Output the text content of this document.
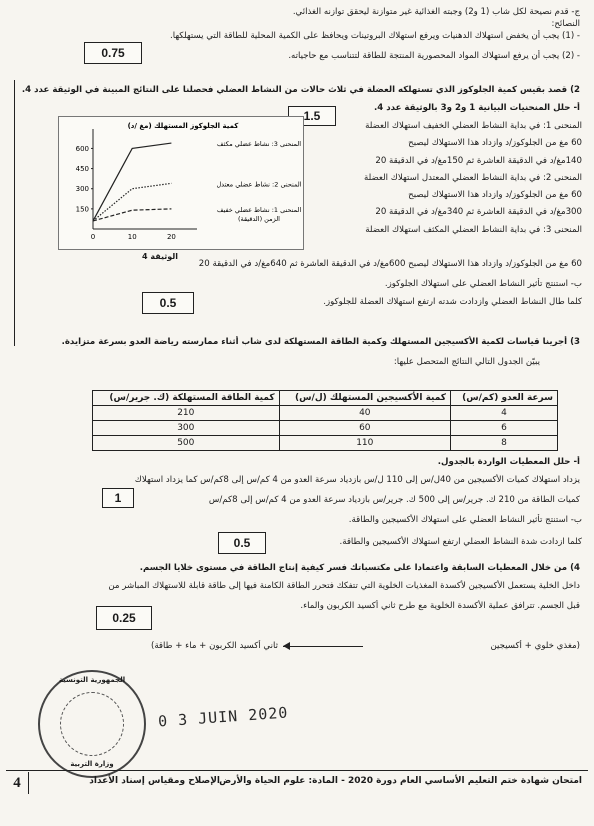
ج- قدم نصيحة لكل شاب (1 و2) وجبته الغذائية غير متوازنة ليحقق توازنه الغذائي.
النصائح:
- (1) يجب أن يخفض استهلاك الدهنيات ويرفع استهلاك البروتينات ويحافظ على الكمية المحلية للطاقة التي يستهلكها.
0.75	- (2) يجب أن يرفع استهلاك المواد المحصورية المنتجة للطاقة لتتناسب مع حاجياته.
2) قصد بقيس كمية الجلوكوز الذي تستهلكه العضلة في ثلاث حالات من النشاط العضلي فحصلنا على النتائج المبينة في الوثيقة عدد 4.
1.5
أ- حلل المنحنيات البيانية 1 و2 و3 بالوثيقة عدد 4.
كمية الجلوكوز المستهلك (مغ /د)
150
300
450
600
0	10	20
الزمن (الدقيقة)
المنحنى 1: نشاط عضلي خفيف
المنحنى 2: نشاط عضلي معتدل
المنحنى 3: نشاط عضلي مكثف
الوثيقة 4
المنحنى 1: في بداية النشاط العضلي الخفيف استهلاك العضلة
60 مغ من الجلوكوز/د وازداد هذا الاستهلاك ليصبح
140مغ/د في الدقيقة العاشرة ثم 150مغ/د في الدقيقة 20
المنحنى 2: في بداية النشاط العضلي المعتدل استهلاك العضلة
60 مغ من الجلوكوز/د وازداد هذا الاستهلاك ليصبح
300مغ/د في الدقيقة العاشرة ثم 340مغ/د في الدقيقة 20
المنحنى 3: في بداية النشاط العضلي المكثف استهلاك العضلة
60 مغ من الجلوكوز/د وازداد هذا الاستهلاك ليصبح 600مغ/د في الدقيقة العاشرة ثم 640مغ/د في الدقيقة 20
ب- استنتج تأثير النشاط العضلي على استهلاك الجلوكوز.
0.5	كلما طال النشاط العضلي وازدادت شدته ارتفع استهلاك العضلة للجلوكوز.
3) أجرينا قياسات لكمية الأكسيجين المستهلك وكمية الطاقة المستهلكة لدى شاب أثناء ممارسته رياضة العدو بسرعة متزايدة.
يبيّن الجدول التالي النتائج المتحصل عليها:
كمية الطاقة المستهلكة (ك. جرير/س)	كمية الأكسيجين المستهلك (ل/س)	سرعة العدو (كم/س)
210	40	4
300	60	6
500	110	8
أ- حلل المعطيات الواردة بالجدول.
يزداد استهلاك كميات الأكسيجين من 40ل/س إلى 110 ل/س بازدياد سرعة العدو من 4 كم/س إلى 8كم/س كما يزداد استهلاك
كميات الطاقة من 210 ك. جرير/س إلى 500 ك. جرير/س بازدياد سرعة العدو من 4 كم/س إلى 8كم/س
1
ب- استنتج تأثير النشاط العضلي على استهلاك الأكسيجين والطاقة.
0.5	كلما ازدادت شدة النشاط العضلي ارتفع استهلاك الأكسيجين والطاقة.
4) من خلال المعطيات السابقة واعتمادا على مكتسباتك فسر كيفية إنتاج الطاقة في مستوى خلايا الجسم.
داخل الخلية يستعمل الأكسيجين لأكسدة المغذيات الخلوية التي تتفكك فتحرر الطاقة الكامنة فيها إلى طاقة قابلة للاستهلاك المباشر من
قبل الجسم. تترافق عملية الأكسدة الخلوية مع طرح ثاني أكسيد الكربون والماء.
0.25
(مغذي خلوي + أكسيجين
ثاني أكسيد الكربون + ماء + طاقة)
الجمهورية التونسية
وزارة التربية
0 3 JUIN 2020
4	الإصلاح ومقياس إسناد الأعداد امتحان شهادة ختم التعليم الأساسي العام دورة 2020 - المادة: علوم الحياة والأرض
